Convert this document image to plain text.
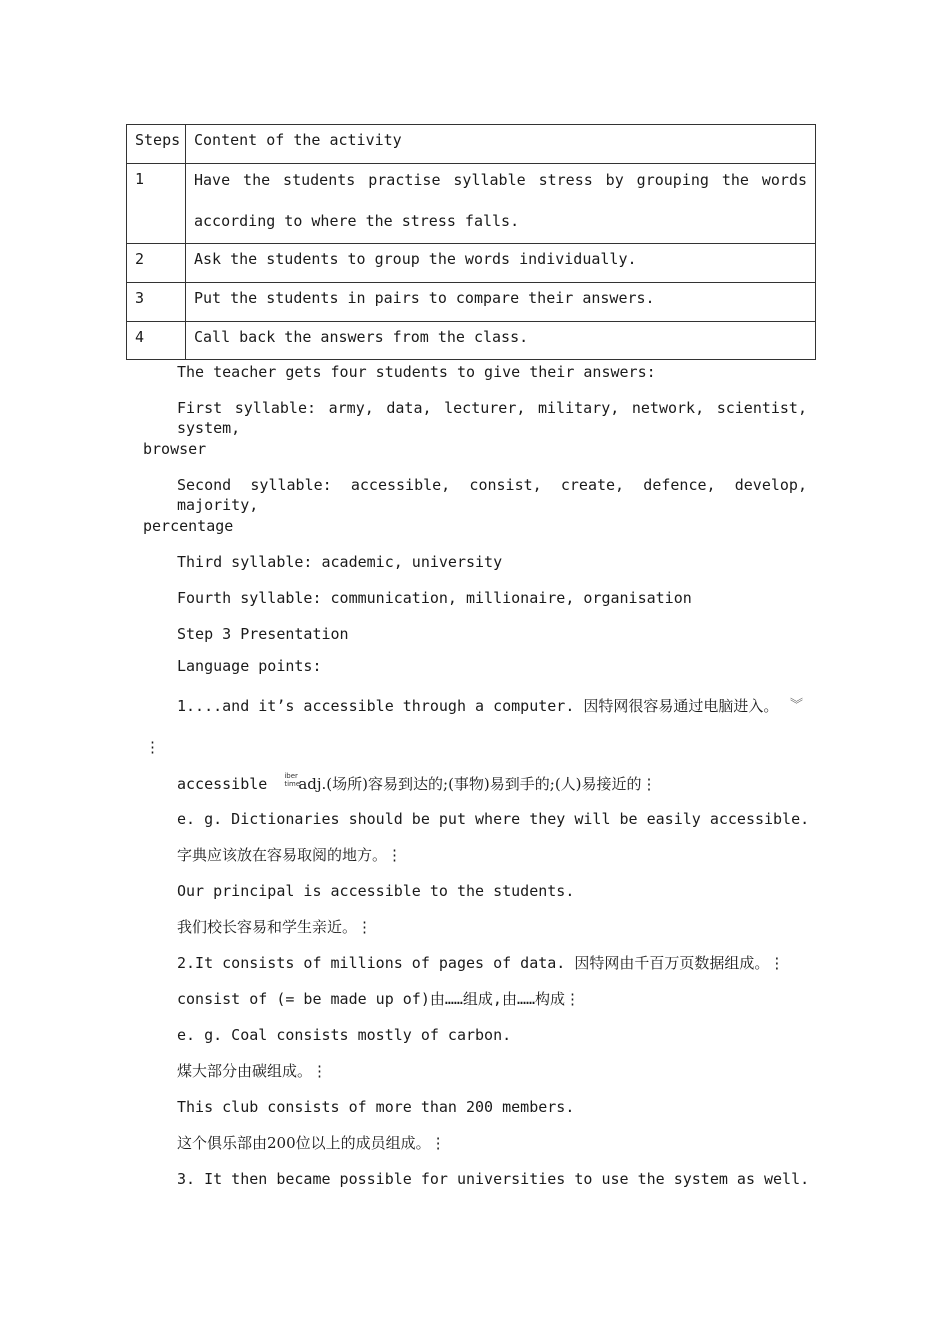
Steps	Content of the activity
1	Have the students practise syllable stress by grouping the words according to where the stress falls.

2	Ask the students to group the words individually.
3	Put the students in pairs to compare their answers.
4	Call back the answers from the class.
The teacher gets four students to give their answers:
First syllable: army, data, lecturer, military, network, scientist, system,
browser
Second syllable: accessible, consist, create, defence, develop, majority,
percentage
Third syllable: academic, university
Fourth syllable: communication, millionaire, organisation
Step 3 Presentation
Language points:
1....and it’s accessible through a computer. 因特网很容易通过电脑进入。 ︾
⋮
accessible iber
time
adj.(场所)容易到达的;(事物)易到手的;(人)易接近的⋮
e. g. Dictionaries should be put where they will be easily accessible.
字典应该放在容易取阅的地方。⋮
Our principal is accessible to the students.
我们校长容易和学生亲近。⋮
2.It consists of millions of pages of data. 因特网由千百万页数据组成。⋮
consist of (= be made up of)由……组成,由……构成⋮
e. g. Coal consists mostly of carbon.
煤大部分由碳组成。⋮
This club consists of more than 200 members.
这个俱乐部由200位以上的成员组成。⋮
3. It then became possible for universities to use the system as well.
